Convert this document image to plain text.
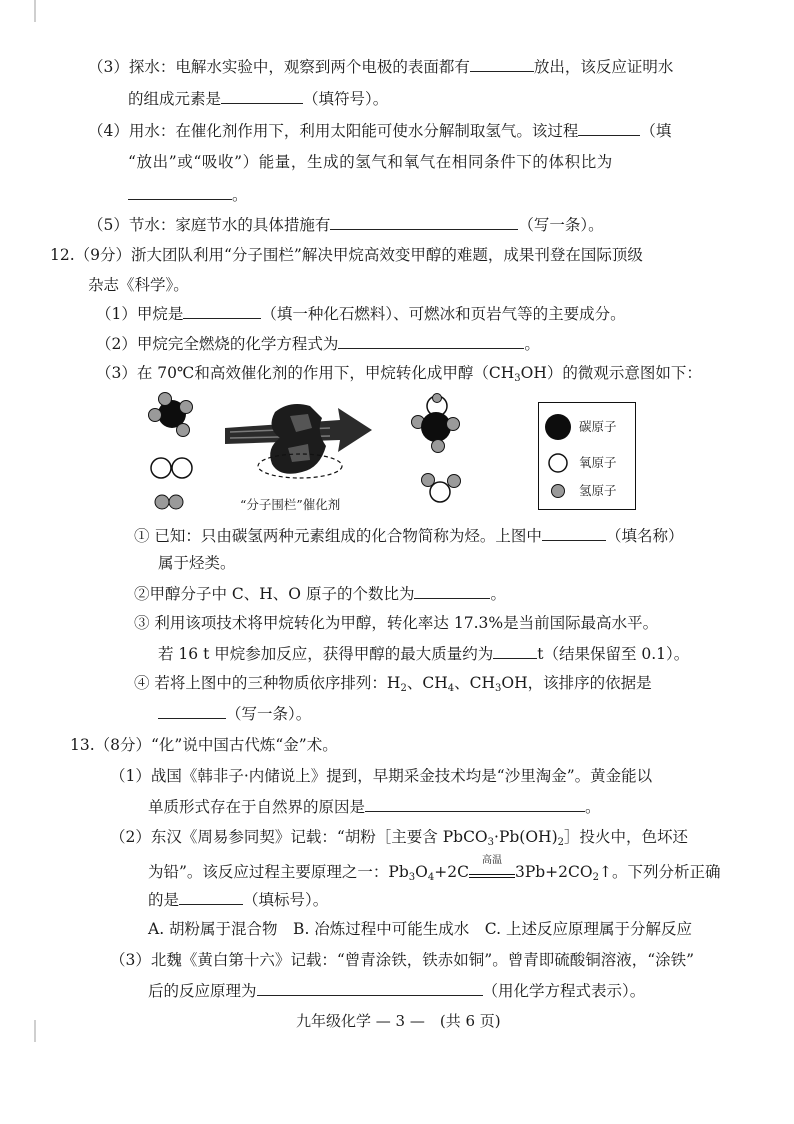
（3）探水：电解水实验中，观察到两个电极的表面都有	放出，该反应证明水
的组成元素是	（填符号）。
（4）用水：在催化剂作用下，利用太阳能可使水分解制取氢气。该过程	（填
“放出”或“吸收”）能量，生成的氢气和氧气在相同条件下的体积比为
。
（5）节水：家庭节水的具体措施有	（写一条）。
12.（9分）浙大团队利用“分子围栏”解决甲烷高效变甲醇的难题，成果刊登在国际顶级
杂志《科学》。
（1）甲烷是	（填一种化石燃料）、可燃冰和页岩气等的主要成分。
（2）甲烷完全燃烧的化学方程式为	。
（3）在 70℃和高效催化剂的作用下，甲烷转化成甲醇$(CH_3OH)$的微观示意图如下：
“分子围栏”催化剂
碳原子
氧原子
氢原子
① 已知：只由碳氢两种元素组成的化合物简称为烃。上图中	（填名称）
属于烃类。
②甲醇分子中 C、H、O 原子的个数比为	。
③ 利用该项技术将甲烷转化为甲醇，转化率达 17.3%是当前国际最高水平。
若 16 t 甲烷参加反应，获得甲醇的最大质量约为	t（结果保留至 0.1）。
④ 若将上图中的三种物质依序排列：$H_2$、$CH_4$、$CH_3OH$，该排序的依据是
（写一条）。
13.（8分）“化”说中国古代炼“金”术。
（1）战国《韩非子·内储说上》提到，早期采金技术均是“沙里淘金”。黄金能以
单质形式存在于自然界的原因是	。
（2）东汉《周易参同契》记载：“胡粉［主要含 $PbCO_3\cdot Pb(OH)_2]$投火中，色坏还
为铅”。该反应过程主要原理之一：$Pb_3O_4+2C$
高温
$3Pb+2CO_2↑$。下列分析正确
的是	（填标号）。
A. 胡粉属于混合物　B. 冶炼过程中可能生成水　C. 上述反应原理属于分解反应
（3）北魏《黄白第十六》记载：“曾青涂铁，铁赤如铜”。曾青即硫酸铜溶液，“涂铁”
后的反应原理为	（用化学方程式表示）。
九年级化学 — 3 —　(共 6 页)
